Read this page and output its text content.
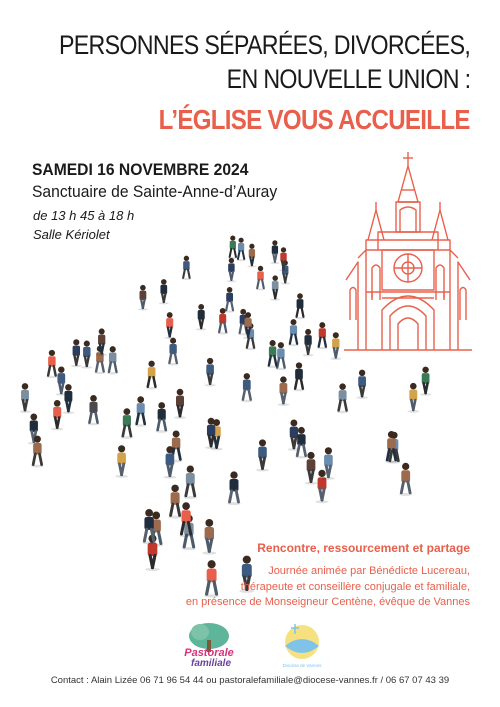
PERSONNES SÉPARÉES, DIVORCÉES,
EN NOUVELLE UNION :
L’ÉGLISE VOUS ACCUEILLE
SAMEDI 16 NOVEMBRE 2024
Sanctuaire de Sainte-Anne-d’Auray
de 13 h 45 à 18 h
Salle Kériolet
Rencontre, ressourcement et partage
Journée animée par Bénédicte Lucereau,
thérapeute et conseillère conjugale et familiale,
en présence de Monseigneur Centène, évêque de Vannes
Pastorale
familiale	Diocèse de Vannes
Contact : Alain Lizée 06 71 96 54 44 ou pastoralefamiliale@diocese-vannes.fr / 06 67 07 43 39
